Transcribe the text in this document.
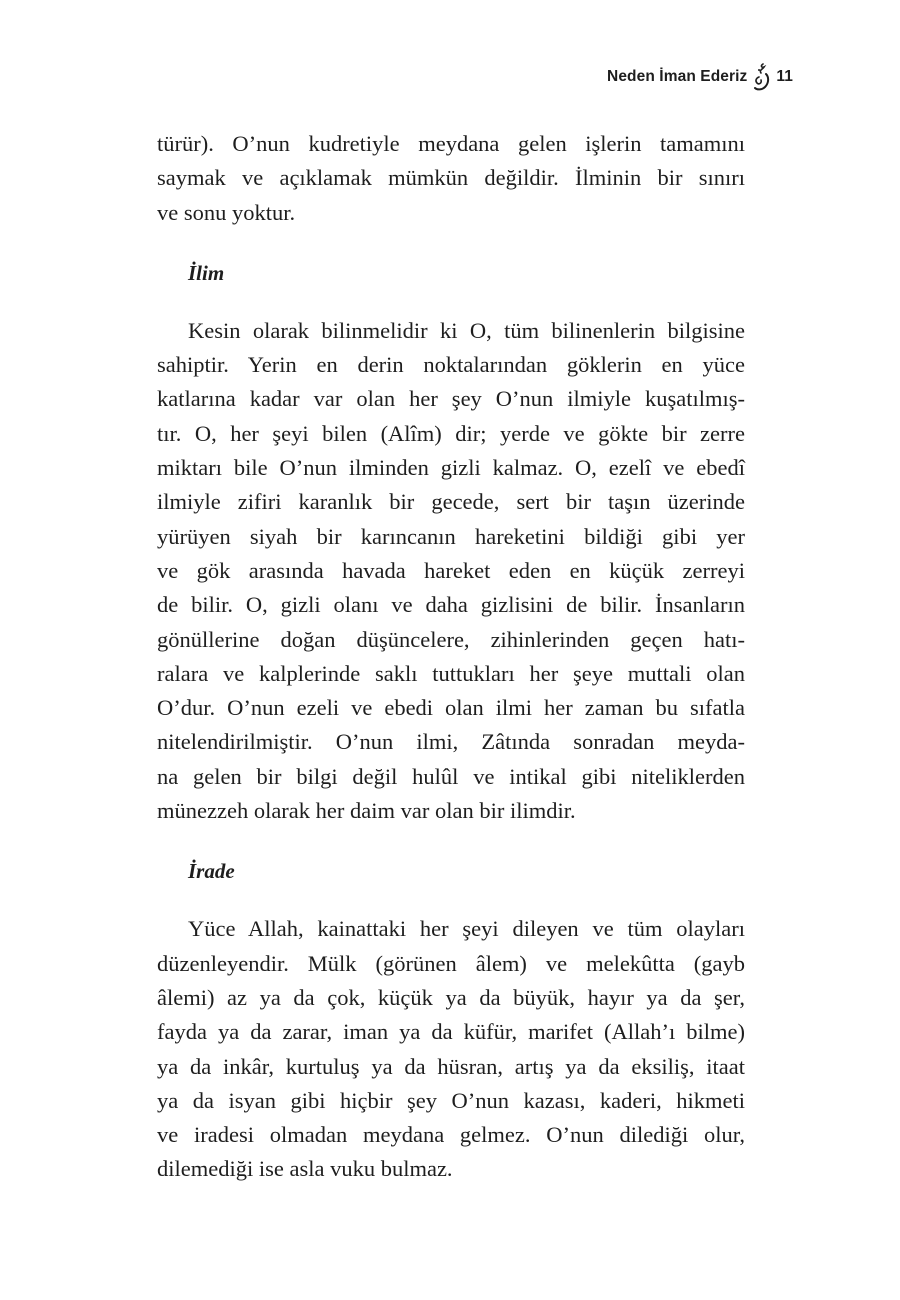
Neden İman Ederiz 11
türür). O’nun kudretiyle meydana gelen işlerin tamamını
saymak ve açıklamak mümkün değildir. İlminin bir sınırı
ve sonu yoktur.
İlim
Kesin olarak bilinmelidir ki O, tüm bilinenlerin bilgisine
sahiptir. Yerin en derin noktalarından göklerin en yüce
katlarına kadar var olan her şey O’nun ilmiyle kuşatılmış-
tır. O, her şeyi bilen (Alîm) dir; yerde ve gökte bir zerre
miktarı bile O’nun ilminden gizli kalmaz. O, ezelî ve ebedî
ilmiyle zifiri karanlık bir gecede, sert bir taşın üzerinde
yürüyen siyah bir karıncanın hareketini bildiği gibi yer
ve gök arasında havada hareket eden en küçük zerreyi
de bilir. O, gizli olanı ve daha gizlisini de bilir. İnsanların
gönüllerine doğan düşüncelere, zihinlerinden geçen hatı-
ralara ve kalplerinde saklı tuttukları her şeye muttali olan
O’dur. O’nun ezeli ve ebedi olan ilmi her zaman bu sıfatla
nitelendirilmiştir. O’nun ilmi, Zâtında sonradan meyda-
na gelen bir bilgi değil hulûl ve intikal gibi niteliklerden
münezzeh olarak her daim var olan bir ilimdir.
İrade
Yüce Allah, kainattaki her şeyi dileyen ve tüm olayları
düzenleyendir. Mülk (görünen âlem) ve melekûtta (gayb
âlemi) az ya da çok, küçük ya da büyük, hayır ya da şer,
fayda ya da zarar, iman ya da küfür, marifet (Allah’ı bilme)
ya da inkâr, kurtuluş ya da hüsran, artış ya da eksiliş, itaat
ya da isyan gibi hiçbir şey O’nun kazası, kaderi, hikmeti
ve iradesi olmadan meydana gelmez. O’nun dilediği olur,
dilemediği ise asla vuku bulmaz.
